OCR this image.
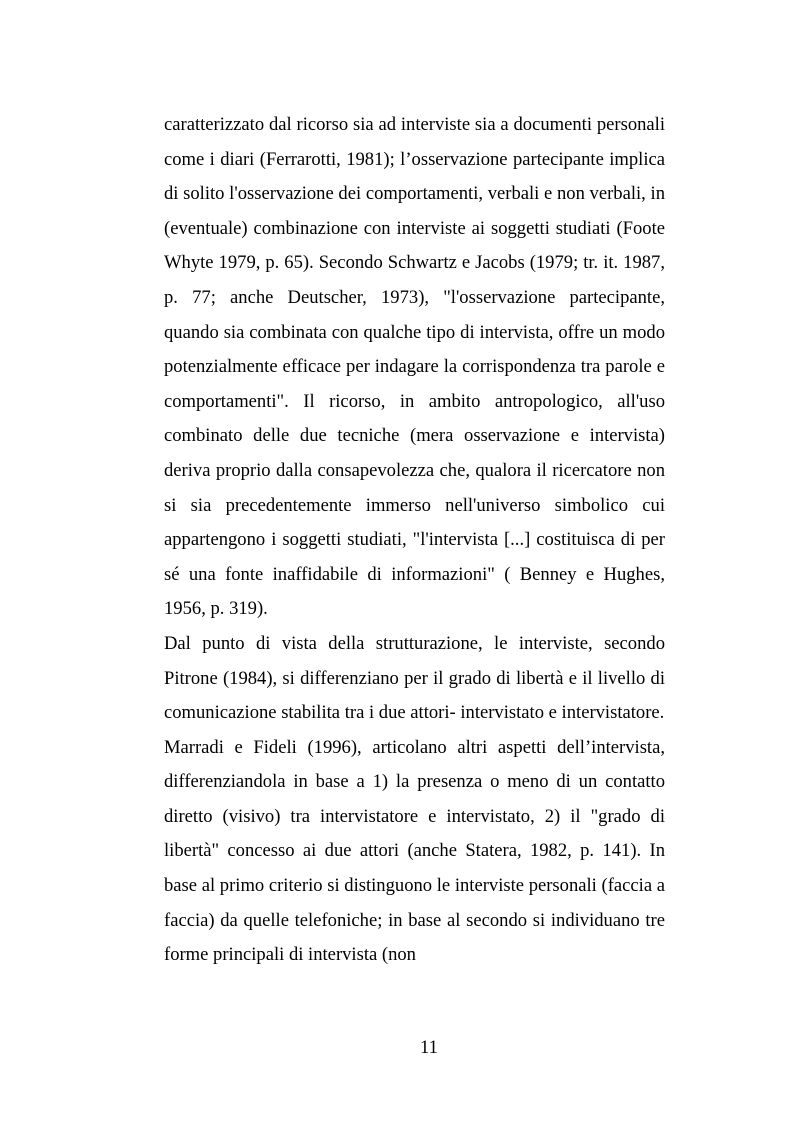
caratterizzato dal ricorso sia ad interviste sia a documenti personali come i diari (Ferrarotti, 1981); l’osservazione partecipante implica di solito l'osservazione dei comportamenti, verbali e non verbali, in (eventuale) combinazione con interviste ai soggetti studiati (Foote Whyte 1979, p. 65). Secondo Schwartz e Jacobs (1979; tr. it. 1987, p. 77; anche Deutscher, 1973), "l'osservazione partecipante, quando sia combinata con qualche tipo di intervista, offre un modo potenzialmente efficace per indagare la corrispondenza tra parole e comportamenti". Il ricorso, in ambito antropologico, all'uso combinato delle due tecniche (mera osservazione e intervista) deriva proprio dalla consapevolezza che, qualora il ricercatore non si sia precedentemente immerso nell'universo simbolico cui appartengono i soggetti studiati, "l'intervista [...] costituisca di per sé una fonte inaffidabile di informazioni" ( Benney e Hughes, 1956, p. 319).

Dal punto di vista della strutturazione, le interviste, secondo Pitrone (1984), si differenziano per il grado di libertà e il livello di comunicazione stabilita tra i due attori- intervistato e intervistatore.

Marradi e Fideli (1996), articolano altri aspetti dell’intervista, differenziandola in base a 1) la presenza o meno di un contatto diretto (visivo) tra intervistatore e intervistato, 2) il "grado di libertà" concesso ai due attori (anche Statera, 1982, p. 141). In base al primo criterio si distinguono le interviste personali (faccia a faccia) da quelle telefoniche; in base al secondo si individuano tre forme principali di intervista (non

11
